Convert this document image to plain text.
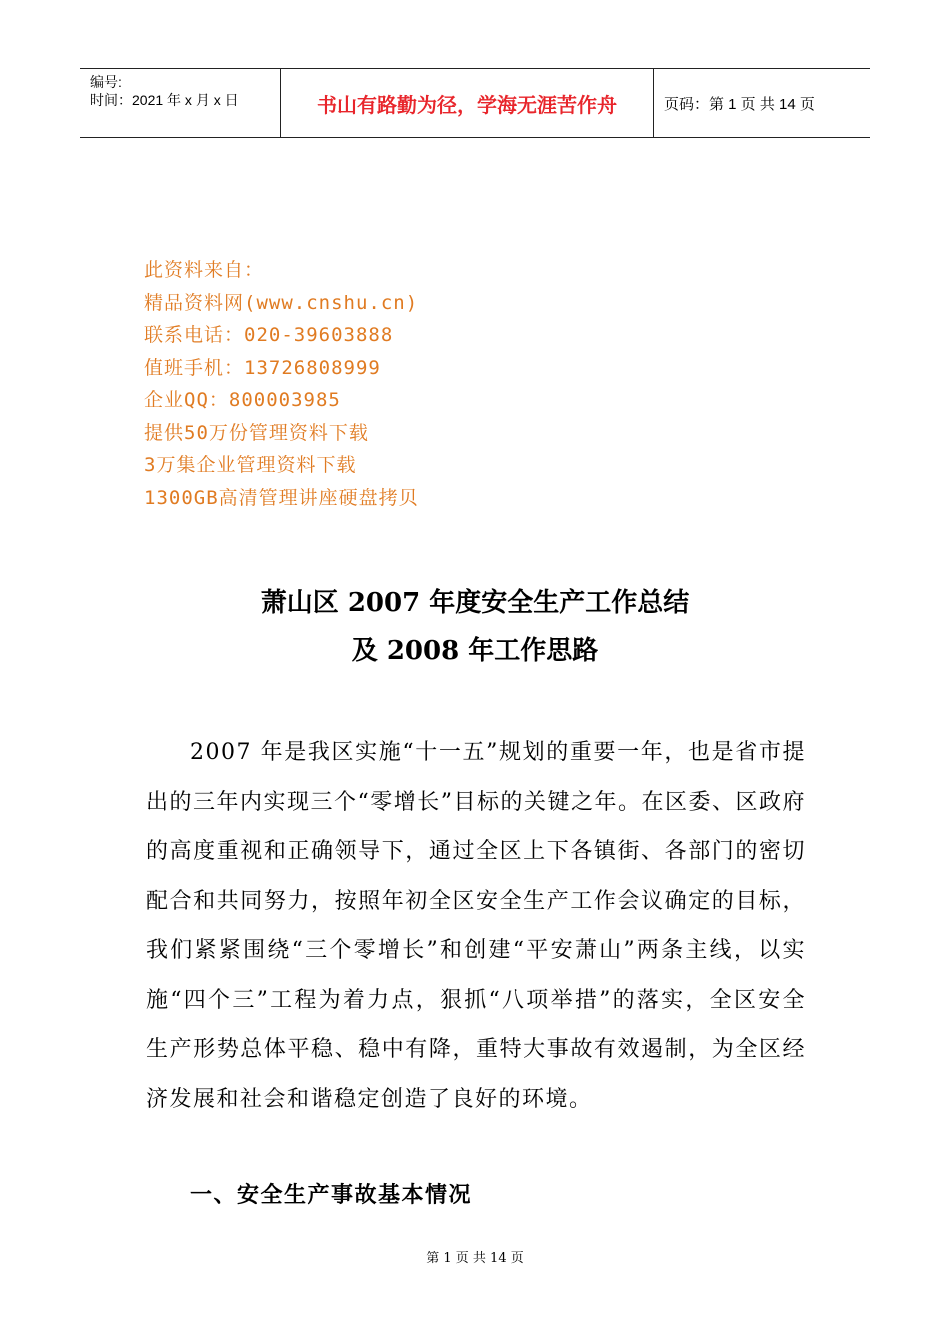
编号:
时间：2021 年 x 月 x 日	书山有路勤为径，学海无涯苦作舟	页码：第 1 页 共 14 页
此资料来自：
精品资料网(www.cnshu.cn)
联系电话：020-39603888
值班手机：13726808999
企业QQ：800003985
提供50万份管理资料下载
3万集企业管理资料下载
1300GB高清管理讲座硬盘拷贝
萧山区 2007 年度安全生产工作总结
及 2008 年工作思路
2007 年是我区实施“十一五”规划的重要一年，也是省市提出的三年内实现三个“零增长”目标的关键之年。在区委、区政府的高度重视和正确领导下，通过全区上下各镇街、各部门的密切配合和共同努力，按照年初全区安全生产工作会议确定的目标，我们紧紧围绕“三个零增长”和创建“平安萧山”两条主线，以实施“四个三”工程为着力点，狠抓“八项举措”的落实，全区安全生产形势总体平稳、稳中有降，重特大事故有效遏制，为全区经济发展和社会和谐稳定创造了良好的环境。
一、安全生产事故基本情况
第 1 页 共 14 页
